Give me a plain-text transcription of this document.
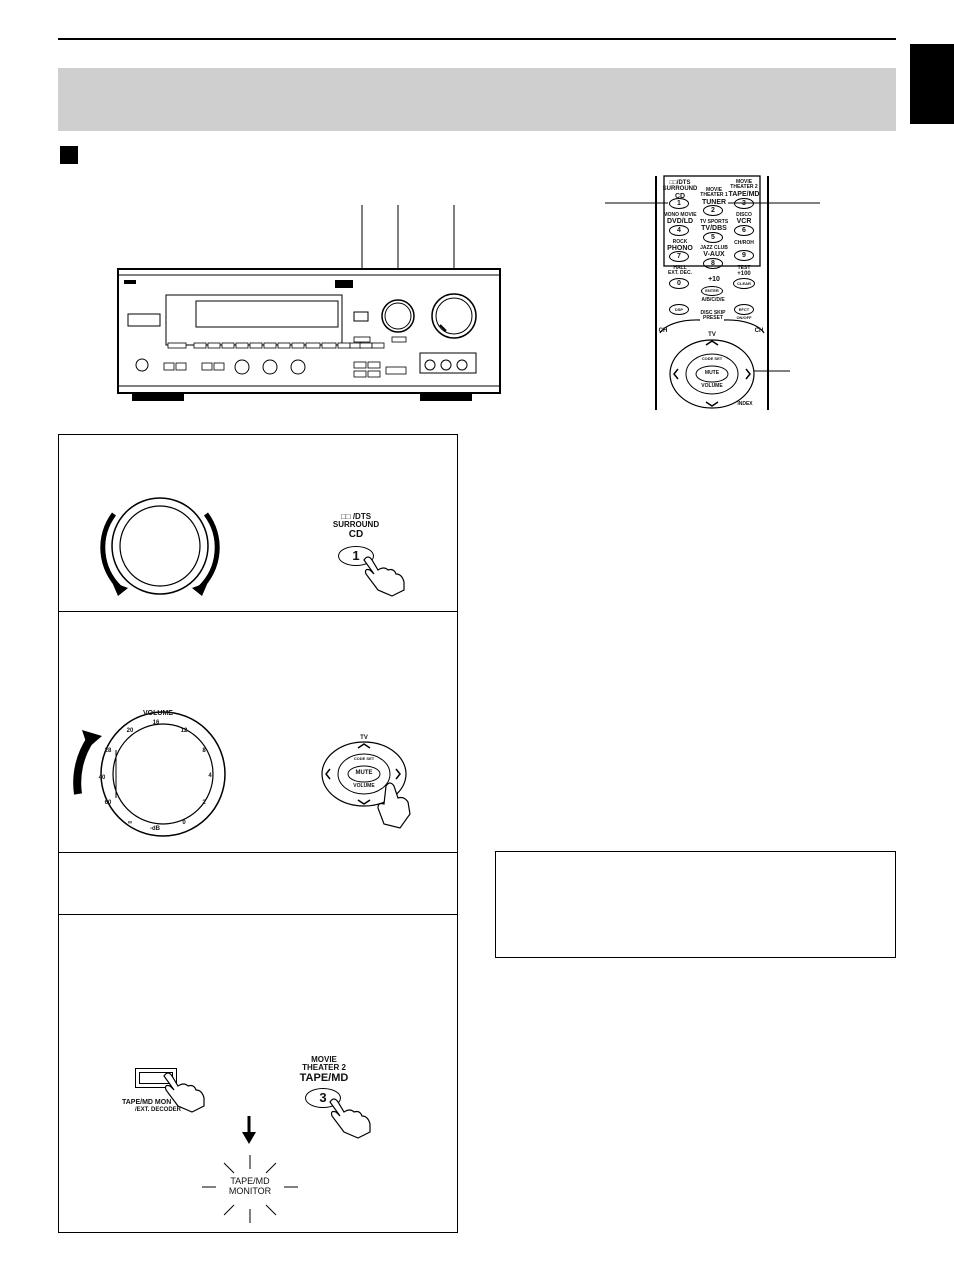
□□/DTS
SURROUND
CD
MOVIE
THEATER 1
TUNER
MOVIE
THEATER 2
TAPE/MD
MONO MOVIE
DVD/LD	TV SPORTS
TV/DBS
DISCO
VCR
ROCK
PHONO	JAZZ CLUB
V-AUX
CH/ROH
HALL
EXT. DEC.
+10
TEST
+100
A/B/C/D/E
DISC SKIP
PRESET	ON/OFF
CH	CH
TV
CODE SET
MUTE
VOLUME
INDEX
1
2
3
4
5
6
7
8
9
0
ENTER
CLEAR
DSP	EFCT
□□ /DTS
SURROUND
CD
1
VOLUME
20
16
12
8
4
2
0
-dB
∞
60
40
28
TV
CODE SET
MUTE
VOLUME
TAPE/MD MON
/EXT. DECODER
MOVIE
THEATER 2
TAPE/MD
3
TAPE/MD
MONITOR
